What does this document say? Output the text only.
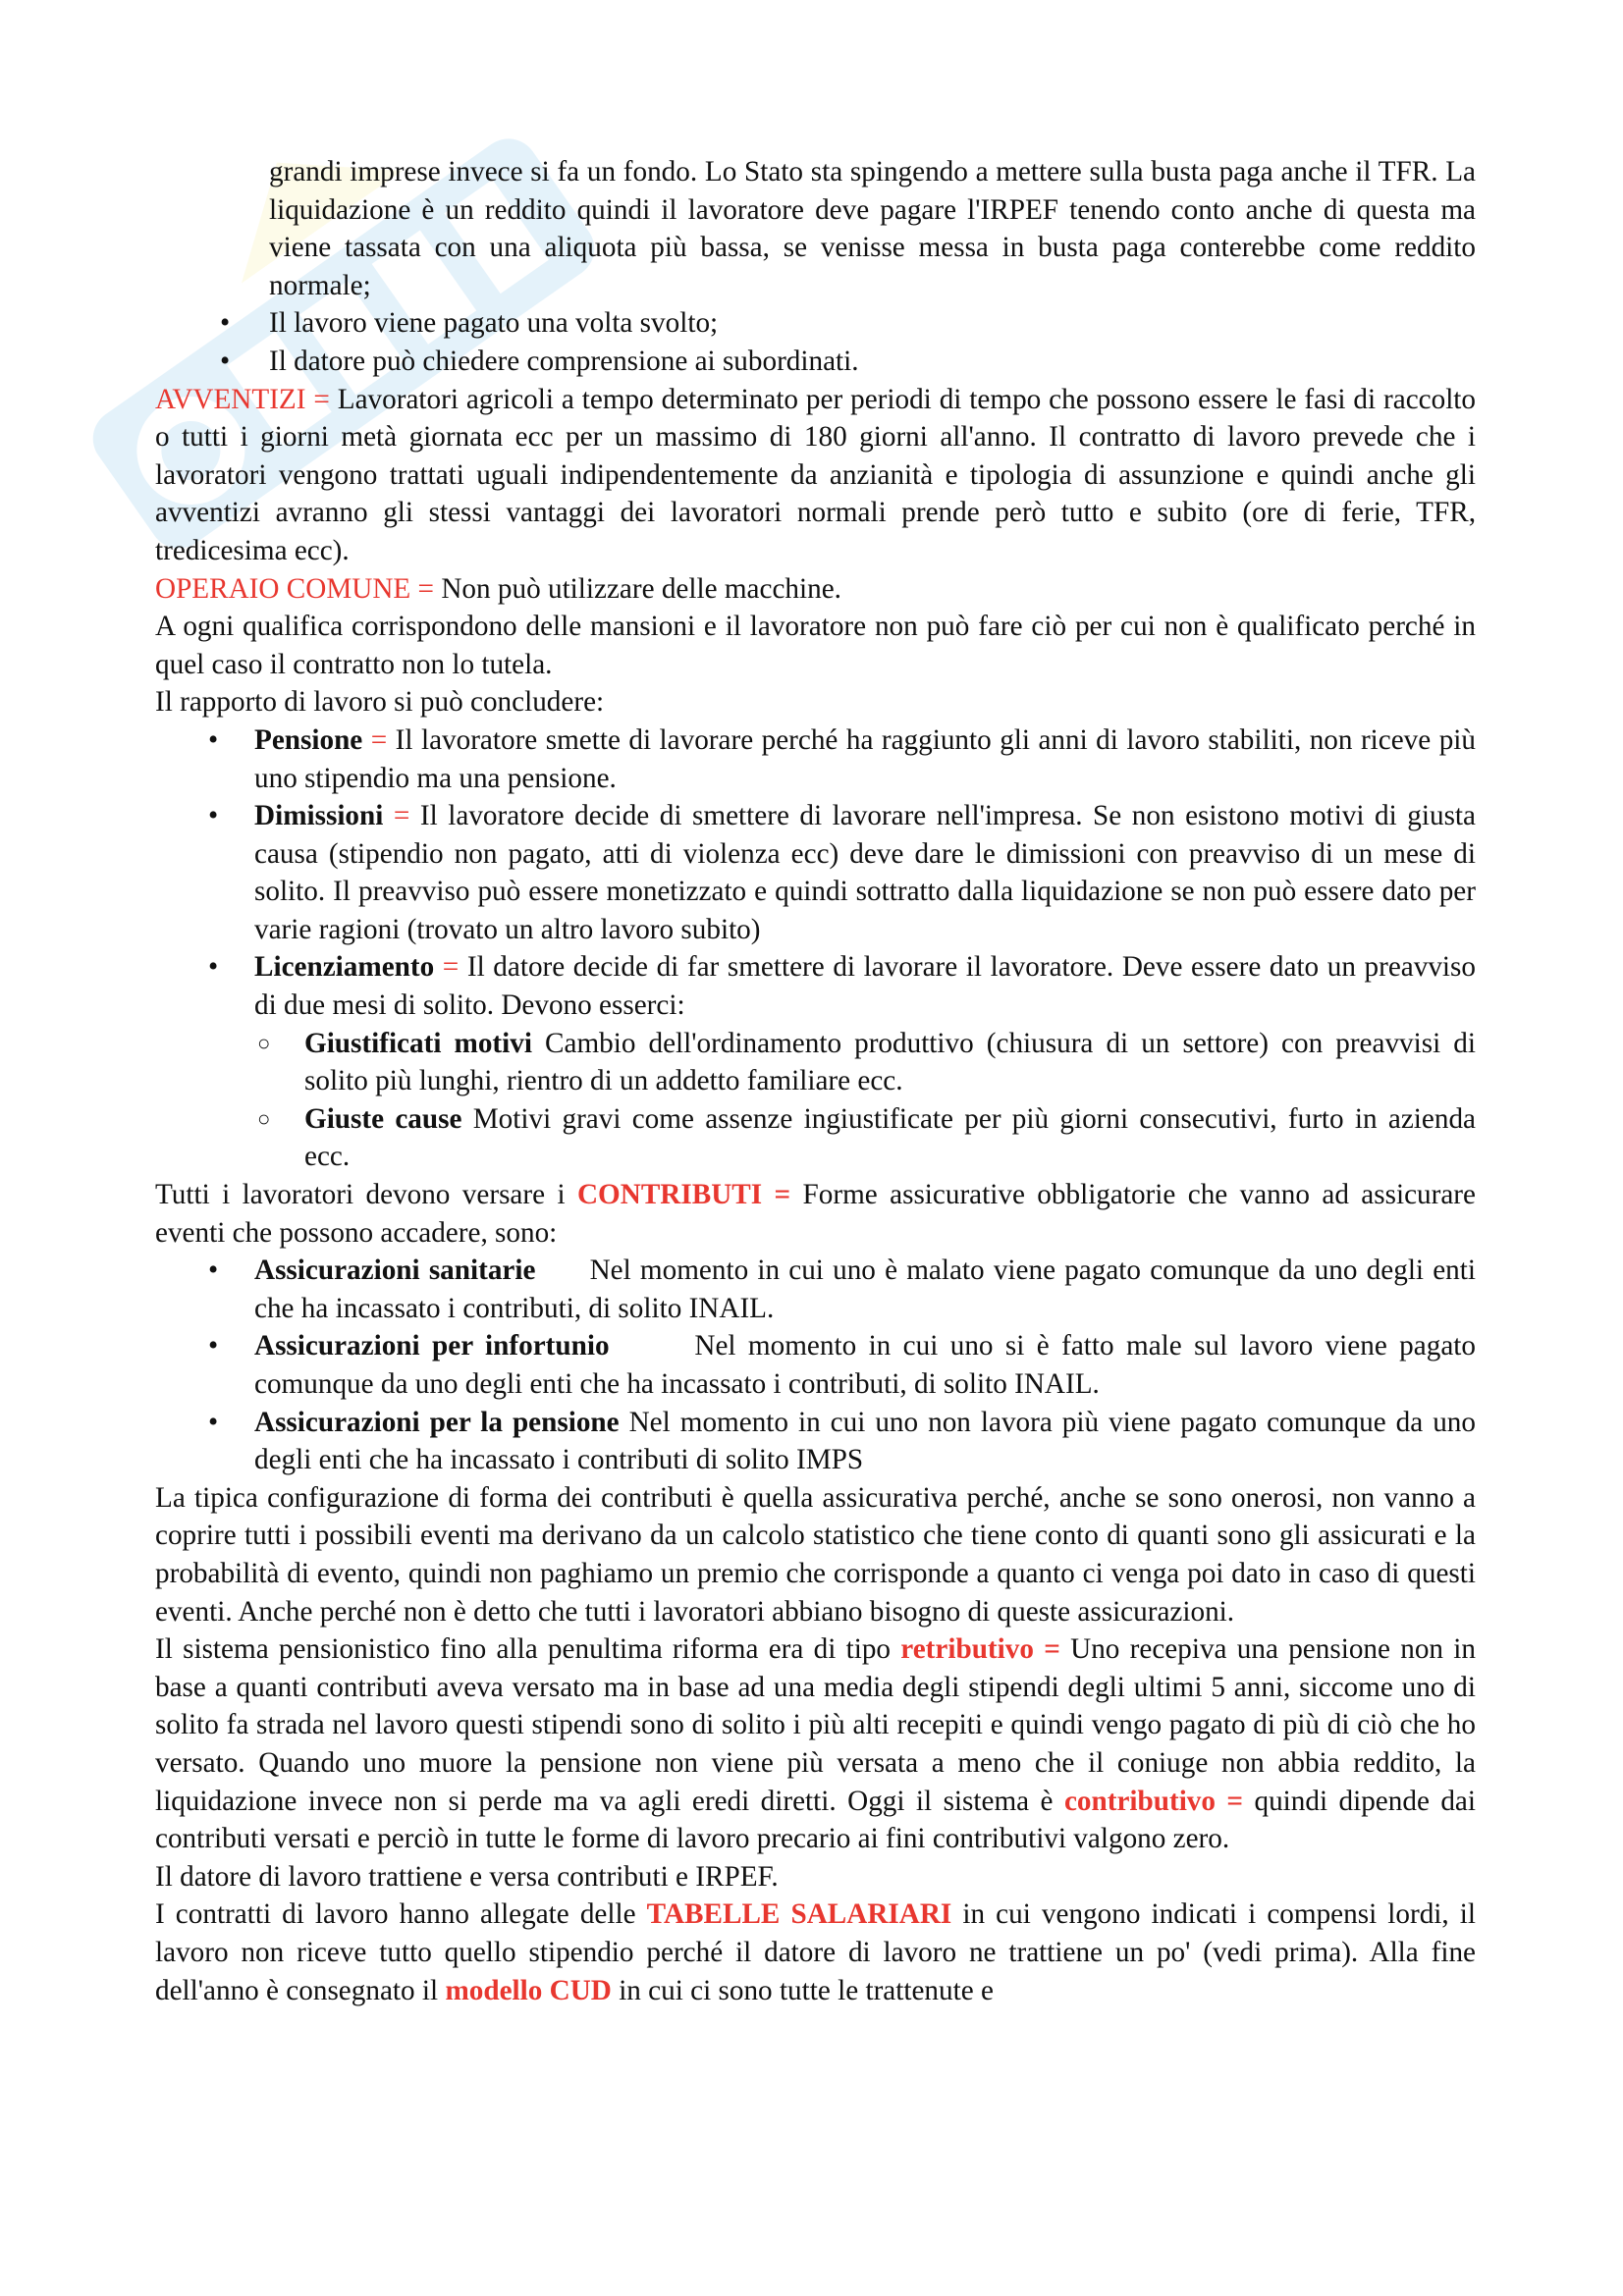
grandi imprese invece si fa un fondo. Lo Stato sta spingendo a mettere sulla busta paga anche il TFR. La liquidazione è un reddito quindi il lavoratore deve pagare l'IRPEF tenendo conto anche di questa ma viene tassata con una aliquota più bassa, se venisse messa in busta paga conterebbe come reddito normale;

• Il lavoro viene pagato una volta svolto;
• Il datore può chiedere comprensione ai subordinati.

AVVENTIZI = Lavoratori agricoli a tempo determinato per periodi di tempo che possono essere le fasi di raccolto o tutti i giorni metà giornata ecc per un massimo di 180 giorni all'anno. Il contratto di lavoro prevede che i lavoratori vengono trattati uguali indipendentemente da anzianità e tipologia di assunzione e quindi anche gli avventizi avranno gli stessi vantaggi dei lavoratori normali prende però tutto e subito (ore di ferie, TFR, tredicesima ecc).

OPERAIO COMUNE = Non può utilizzare delle macchine.

A ogni qualifica corrispondono delle mansioni e il lavoratore non può fare ciò per cui non è qualificato perché in quel caso il contratto non lo tutela.

Il rapporto di lavoro si può concludere:

• Pensione = Il lavoratore smette di lavorare perché ha raggiunto gli anni di lavoro stabiliti, non riceve più uno stipendio ma una pensione.
• Dimissioni = Il lavoratore decide di smettere di lavorare nell'impresa. Se non esistono motivi di giusta causa (stipendio non pagato, atti di violenza ecc) deve dare le dimissioni con preavviso di un mese di solito. Il preavviso può essere monetizzato e quindi sottratto dalla liquidazione se non può essere dato per varie ragioni (trovato un altro lavoro subito)
• Licenziamento = Il datore decide di far smettere di lavorare il lavoratore. Deve essere dato un preavviso di due mesi di solito. Devono esserci:
○ Giustificati motivi Cambio dell'ordinamento produttivo (chiusura di un settore) con preavvisi di solito più lunghi, rientro di un addetto familiare ecc.
○ Giuste cause Motivi gravi come assenze ingiustificate per più giorni consecutivi, furto in azienda ecc.

Tutti i lavoratori devono versare i CONTRIBUTI = Forme assicurative obbligatorie che vanno ad assicurare eventi che possono accadere, sono:

• Assicurazioni sanitarie      Nel momento in cui uno è malato viene pagato comunque da uno degli enti che ha incassato i contributi, di solito INAIL.
• Assicurazioni per infortunio       Nel momento in cui uno si è fatto male sul lavoro viene pagato comunque da uno degli enti che ha incassato i contributi, di solito INAIL.
• Assicurazioni per la pensione Nel momento in cui uno non lavora più viene pagato comunque da uno degli enti che ha incassato i contributi di solito IMPS

La tipica configurazione di forma dei contributi è quella assicurativa perché, anche se sono onerosi, non vanno a coprire tutti i possibili eventi ma derivano da un calcolo statistico che tiene conto di quanti sono gli assicurati e la probabilità di evento, quindi non paghiamo un premio che corrisponde a quanto ci venga poi dato in caso di questi eventi. Anche perché non è detto che tutti i lavoratori abbiano bisogno di queste assicurazioni.

Il sistema pensionistico fino alla penultima riforma era di tipo retributivo = Uno recepiva una pensione non in base a quanti contributi aveva versato ma in base ad una media degli stipendi degli ultimi 5 anni, siccome uno di solito fa strada nel lavoro questi stipendi sono di solito i più alti recepiti e quindi vengo pagato di più di ciò che ho versato. Quando uno muore la pensione non viene più versata a meno che il coniuge non abbia reddito, la liquidazione invece non si perde ma va agli eredi diretti. Oggi il sistema è contributivo = quindi dipende dai contributi versati e perciò in tutte le forme di lavoro precario ai fini contributivi valgono zero.

Il datore di lavoro trattiene e versa contributi e IRPEF.

I contratti di lavoro hanno allegate delle TABELLE SALARIARI in cui vengono indicati i compensi lordi, il lavoro non riceve tutto quello stipendio perché il datore di lavoro ne trattiene un po' (vedi prima). Alla fine dell'anno è consegnato il modello CUD in cui ci sono tutte le trattenute e
